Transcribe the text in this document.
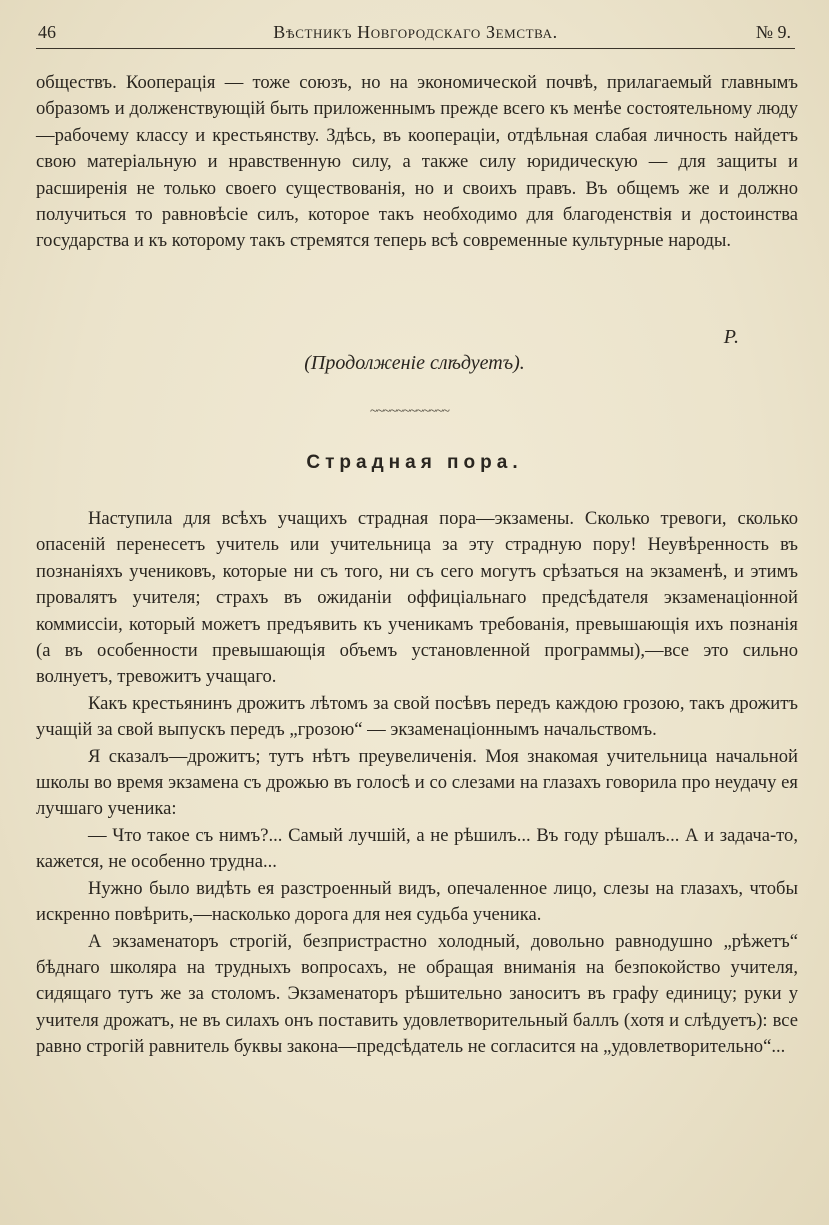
46	Вѣстникъ Новгородскаго Земства.	№ 9.

обществъ. Кооперація — тоже союзъ, но на экономической почвѣ, прилагаемый главнымъ образомъ и долженствующій быть приложеннымъ прежде всего къ менѣе состоятельному люду—рабочему классу и крестьянству. Здѣсь, въ коопераціи, отдѣльная слабая личность найдетъ свою матеріальную и нравственную силу, а также силу юридическую — для защиты и расширенія не только своего существованія, но и своихъ правъ. Въ общемъ же и должно получиться то равновѣсіе силъ, которое такъ необходимо для благоденствія и достоинства государства и къ которому такъ стремятся теперь всѣ современные культурные народы.

Р.
(Продолженіе слѣдуетъ).
~~~~~~~~~~~~
Страдная пора.

Наступила для всѣхъ учащихъ страдная пора—экзамены. Сколько тревоги, сколько опасеній перенесетъ учитель или учительница за эту страдную пору! Неувѣренность въ познаніяхъ учениковъ, которые ни съ того, ни съ сего могутъ срѣзаться на экзаменѣ, и этимъ провалятъ учителя; страхъ въ ожиданіи оффиціальнаго предсѣдателя экзаменаціонной коммиссіи, который можетъ предъявить къ ученикамъ требованія, превышающія ихъ познанія (а въ особенности превышающія объемъ установленной программы),—все это сильно волнуетъ, тревожитъ учащаго.

Какъ крестьянинъ дрожитъ лѣтомъ за свой посѣвъ передъ каждою грозою, такъ дрожитъ учащій за свой выпускъ передъ „грозою“ — экзаменаціоннымъ начальствомъ.

Я сказалъ—дрожитъ; тутъ нѣтъ преувеличенія. Моя знакомая учительница начальной школы во время экзамена съ дрожью въ голосѣ и со слезами на глазахъ говорила про неудачу ея лучшаго ученика:

— Что такое съ нимъ?... Самый лучшій, а не рѣшилъ... Въ году рѣшалъ... А и задача-то, кажется, не особенно трудна...

Нужно было видѣть ея разстроенный видъ, опечаленное лицо, слезы на глазахъ, чтобы искренно повѣрить,—насколько дорога для нея судьба ученика.

А экзаменаторъ строгій, безпристрастно холодный, довольно равнодушно „рѣжетъ“ бѣднаго школяра на трудныхъ вопросахъ, не обращая вниманія на безпокойство учителя, сидящаго тутъ же за столомъ. Экзаменаторъ рѣшительно заноситъ въ графу единицу; руки у учителя дрожатъ, не въ силахъ онъ поставить удовлетворительный баллъ (хотя и слѣдуетъ): все равно строгій равнитель буквы закона—предсѣдатель не согласится на „удовлетворительно“...
